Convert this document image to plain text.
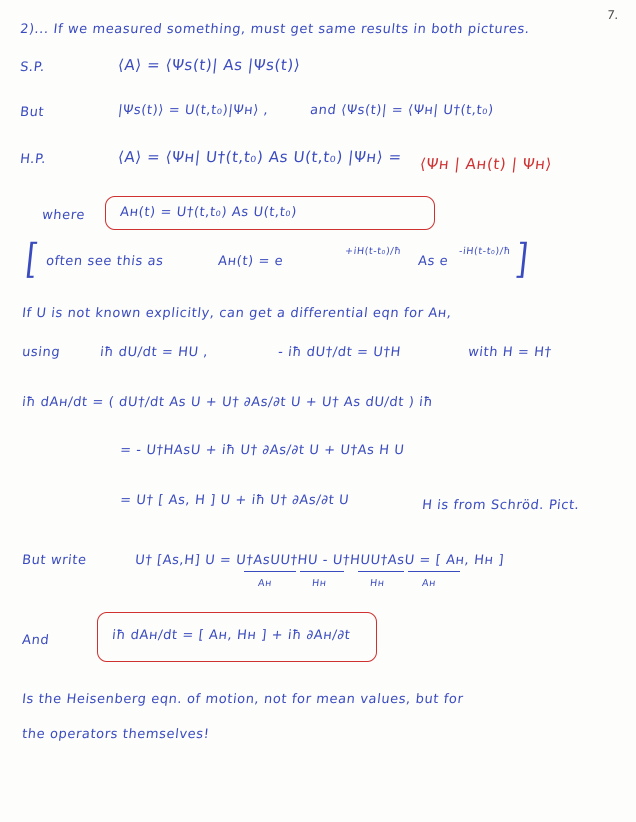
7.
2)... If we measured something, must get same results in both pictures.
S.P.	⟨A⟩ = ⟨Ψs(t)| As |Ψs(t)⟩
But	|Ψs(t)⟩ = U(t,t₀)|Ψн⟩ ,	and ⟨Ψs(t)| = ⟨Ψн| U†(t,t₀)
H.P.	⟨A⟩ = ⟨Ψн| U†(t,t₀) As U(t,t₀) |Ψн⟩ = ⟨Ψн | Aн(t) | Ψн⟩
where	Aн(t) = U†(t,t₀) As U(t,t₀)
[	]
often see this as	Aн(t) = e
+iH(t-t₀)/ħ
As e
-iH(t-t₀)/ħ
If U is not known explicitly, can get a differential eqn for Aн,
using	iħ dU/dt = HU ,	- iħ dU†/dt = U†H	with H = H†
iħ dAн/dt = ( dU†/dt As U + U† ∂As/∂t U + U† As dU/dt ) iħ
= - U†HAsU + iħ U† ∂As/∂t U + U†As H U
= U† [ As, H ] U + iħ U† ∂As/∂t U	H is from Schröd. Pict.
But write	U† [As,H] U = U†AsUU†HU - U†HUU†AsU = [ Aн, Hн ]
Aн	Hн	Hн	Aн
And	iħ dAн/dt = [ Aн, Hн ] + iħ ∂Aн/∂t
Is the Heisenberg eqn. of motion, not for mean values, but for
the operators themselves!
